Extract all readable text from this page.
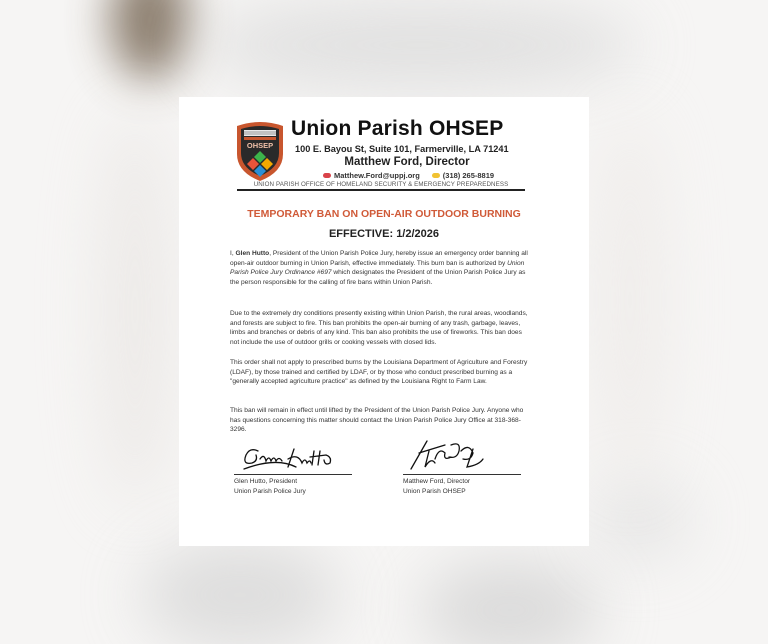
OHSEP
Union Parish OHSEP
100 E. Bayou St, Suite 101, Farmerville, LA 71241
Matthew Ford, Director
Matthew.Ford@uppj.org	(318) 265-8819
UNION PARISH OFFICE OF HOMELAND SECURITY & EMERGENCY PREPAREDNESS
TEMPORARY BAN ON OPEN-AIR OUTDOOR BURNING
EFFECTIVE: 1/2/2026
I, Glen Hutto, President of the Union Parish Police Jury, hereby issue an emergency order banning all open-air outdoor burning in Union Parish, effective immediately. This burn ban is authorized by Union Parish Police Jury Ordinance #697 which designates the President of the Union Parish Police Jury as the person responsible for the calling of fire bans within Union Parish.
Due to the extremely dry conditions presently existing within Union Parish, the rural areas, woodlands, and forests are subject to fire. This ban prohibits the open-air burning of any trash, garbage, leaves, limbs and branches or debris of any kind. This ban also prohibits the use of fireworks. This ban does not include the use of outdoor grills or cooking vessels with closed lids.
This order shall not apply to prescribed burns by the Louisiana Department of Agriculture and Forestry (LDAF), by those trained and certified by LDAF, or by those who conduct prescribed burning as a "generally accepted agriculture practice" as defined by the Louisiana Right to Farm Law.
This ban will remain in effect until lifted by the President of the Union Parish Police Jury. Anyone who has questions concerning this matter should contact the Union Parish Police Jury Office at 318-368-3296.
Glen Hutto, President
Union Parish Police Jury
Matthew Ford, Director
Union Parish OHSEP
